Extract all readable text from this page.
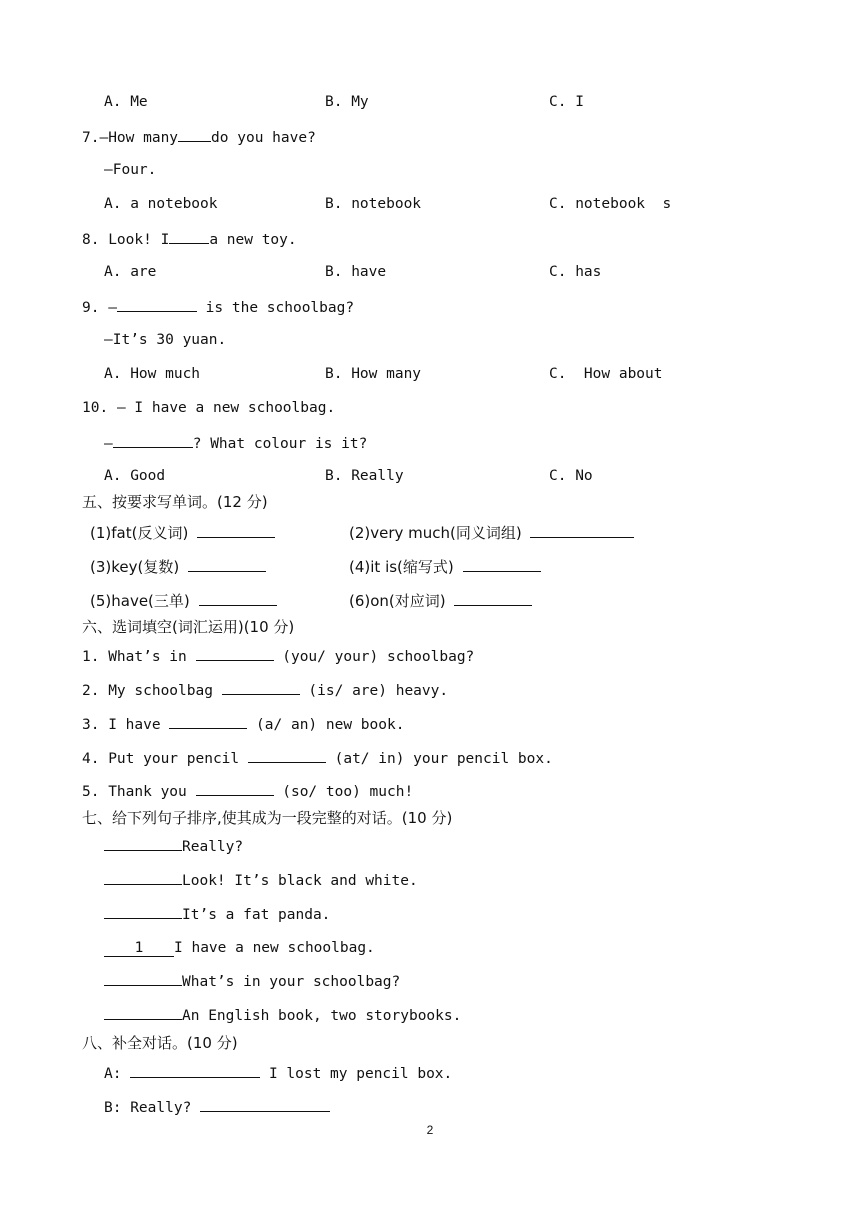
A. Me	B. My	C. I
7.—How many do you have?
—Four.
A. a notebook	B. notebook	C. notebook  s
8. Look! I	a new toy.
A. are	B. have	C. has
9. —	is the schoolbag?
—It’s 30 yuan.
A. How much	B. How many	C.  How about
10. — I have a new schoolbag.
—	? What colour is it?
A. Good	B. Really	C. No
五、按要求写单词。(12 分)
(1)fat(反义词)	(2)very much(同义词组)
(3)key(复数)	(4)it is(缩写式)
(5)have(三单)	(6)on(对应词)
六、选词填空(词汇运用)(10 分)
1. What’s in	(you/ your) schoolbag?
2. My schoolbag	(is/ are) heavy.
3. I have	(a/ an) new book.
4. Put your pencil	(at/ in) your pencil box.
5. Thank you	(so/ too) much!
七、给下列句子排序,使其成为一段完整的对话。(10 分)
Really?
Look! It’s black and white.
It’s a fat panda.
1 I have a new schoolbag.
What’s in your schoolbag?
An English book, two storybooks.
八、补全对话。(10 分)
A:	I lost my pencil box.
B: Really?
2
